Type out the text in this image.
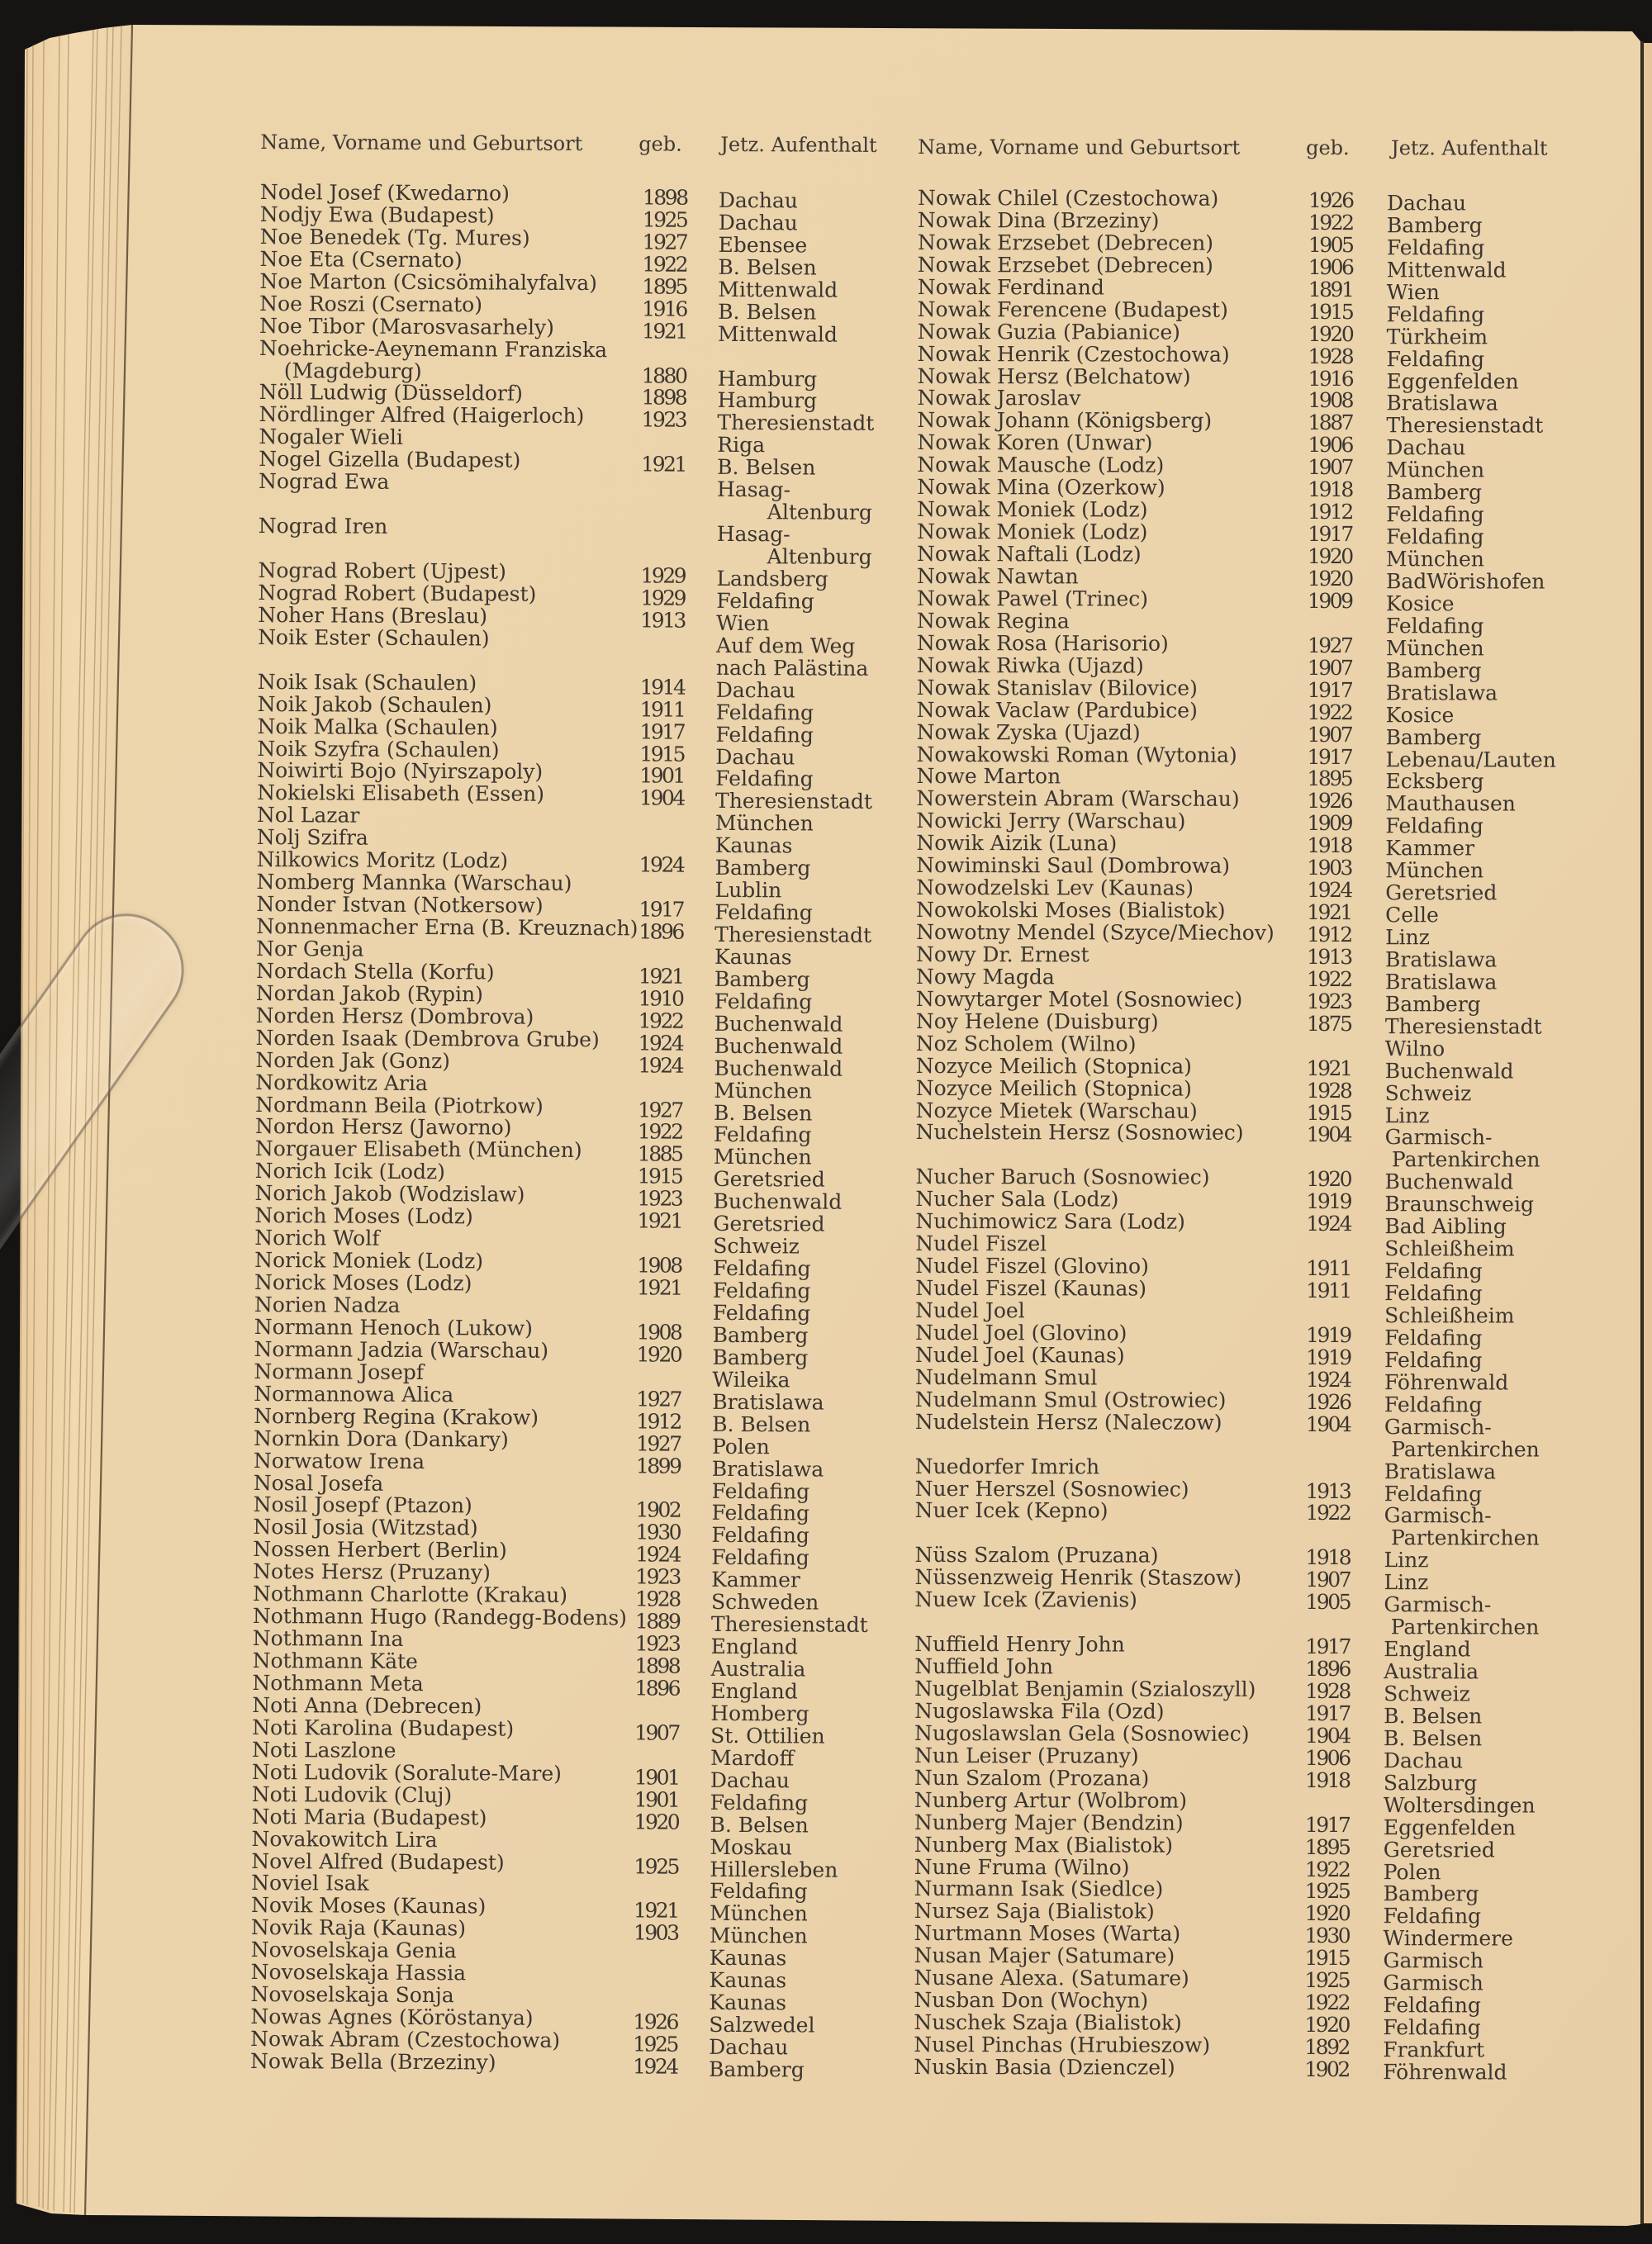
Name, Vorname und Geburtsort	geb. Jetz. Aufenthalt
Nodel Josef (Kwedarno)	1898 Dachau
Nodjy Ewa (Budapest)	1925 Dachau
Noe Benedek (Tg. Mures)	1927 Ebensee
Noe Eta (Csernato)	1922 B. Belsen
Noe Marton (Csicsömihalyfalva) 1895 Mittenwald
Noe Roszi (Csernato)	1916 B. Belsen
Noe Tibor (Marosvasarhely)	1921 Mittenwald
Noehricke-Aeynemann Franziska
(Magdeburg)	1880 Hamburg
Nöll Ludwig (Düsseldorf)	1898 Hamburg
Nördlinger Alfred (Haigerloch)	1923 Theresienstadt
Nogaler Wieli	Riga
Nogel Gizella (Budapest)	1921 B. Belsen
Nograd Ewa	Hasag-
Altenburg
Nograd Iren	Hasag-
Altenburg
Nograd Robert (Ujpest)	1929 Landsberg
Nograd Robert (Budapest)	1929 Feldafing
Noher Hans (Breslau)	1913 Wien
Noik Ester (Schaulen)	Auf dem Weg
nach Palästina
Noik Isak (Schaulen)	1914 Dachau
Noik Jakob (Schaulen)	1911 Feldafing
Noik Malka (Schaulen)	1917 Feldafing
Noik Szyfra (Schaulen)	1915 Dachau
Noiwirti Bojo (Nyirszapoly)	1901 Feldafing
Nokielski Elisabeth (Essen)	1904 Theresienstadt
Nol Lazar	München
Nolj Szifra	Kaunas
Nilkowics Moritz (Lodz)	1924 Bamberg
Nomberg Mannka (Warschau)	Lublin
Nonder Istvan (Notkersow)	1917 Feldafing
Nonnenmacher Erna (B. Kreuznach) 1896 Theresienstadt
Nor Genja	Kaunas
Nordach Stella (Korfu)	1921 Bamberg
Nordan Jakob (Rypin)	1910 Feldafing
Norden Hersz (Dombrova)	1922 Buchenwald
Norden Isaak (Dembrova Grube) 1924 Buchenwald
Norden Jak (Gonz)	1924 Buchenwald
Nordkowitz Aria	München
Nordmann Beila (Piotrkow)	1927 B. Belsen
Nordon Hersz (Jaworno)	1922 Feldafing
Norgauer Elisabeth (München)	1885 München
Norich Icik (Lodz)	1915 Geretsried
Norich Jakob (Wodzislaw)	1923 Buchenwald
Norich Moses (Lodz)	1921 Geretsried
Norich Wolf	Schweiz
Norick Moniek (Lodz)	1908 Feldafing
Norick Moses (Lodz)	1921 Feldafing
Norien Nadza	Feldafing
Normann Henoch (Lukow)	1908 Bamberg
Normann Jadzia (Warschau)	1920 Bamberg
Normann Josepf	Wileika
Normannowa Alica	1927 Bratislawa
Nornberg Regina (Krakow)	1912 B. Belsen
Nornkin Dora (Dankary)	1927 Polen
Norwatow Irena	1899 Bratislawa
Nosal Josefa	Feldafing
Nosil Josepf (Ptazon)	1902 Feldafing
Nosil Josia (Witzstad)	1930 Feldafing
Nossen Herbert (Berlin)	1924 Feldafing
Notes Hersz (Pruzany)	1923 Kammer
Nothmann Charlotte (Krakau)	1928 Schweden
Nothmann Hugo (Randegg-Bodens) 1889 Theresienstadt
Nothmann Ina	1923 England
Nothmann Käte	1898 Australia
Nothmann Meta	1896 England
Noti Anna (Debrecen)	Homberg
Noti Karolina (Budapest)	1907 St. Ottilien
Noti Laszlone	Mardoff
Noti Ludovik (Soralute-Mare)	1901 Dachau
Noti Ludovik (Cluj)	1901 Feldafing
Noti Maria (Budapest)	1920 B. Belsen
Novakowitch Lira	Moskau
Novel Alfred (Budapest)	1925 Hillersleben
Noviel Isak	Feldafing
Novik Moses (Kaunas)	1921 München
Novik Raja (Kaunas)	1903 München
Novoselskaja Genia	Kaunas
Novoselskaja Hassia	Kaunas
Novoselskaja Sonja	Kaunas
Nowas Agnes (Köröstanya)	1926 Salzwedel
Nowak Abram (Czestochowa)	1925 Dachau
Nowak Bella (Brzeziny)	1924 Bamberg
Name, Vorname und Geburtsort	geb. Jetz. Aufenthalt
Nowak Chilel (Czestochowa)	1926 Dachau
Nowak Dina (Brzeziny)	1922 Bamberg
Nowak Erzsebet (Debrecen)	1905 Feldafing
Nowak Erzsebet (Debrecen)	1906 Mittenwald
Nowak Ferdinand	1891 Wien
Nowak Ferencene (Budapest)	1915 Feldafing
Nowak Guzia (Pabianice)	1920 Türkheim
Nowak Henrik (Czestochowa)	1928 Feldafing
Nowak Hersz (Belchatow)	1916 Eggenfelden
Nowak Jaroslav	1908 Bratislawa
Nowak Johann (Königsberg)	1887 Theresienstadt
Nowak Koren (Unwar)	1906 Dachau
Nowak Mausche (Lodz)	1907 München
Nowak Mina (Ozerkow)	1918 Bamberg
Nowak Moniek (Lodz)	1912 Feldafing
Nowak Moniek (Lodz)	1917 Feldafing
Nowak Naftali (Lodz)	1920 München
Nowak Nawtan	1920 BadWörishofen
Nowak Pawel (Trinec)	1909 Kosice
Nowak Regina	Feldafing
Nowak Rosa (Harisorio)	1927 München
Nowak Riwka (Ujazd)	1907 Bamberg
Nowak Stanislav (Bilovice)	1917 Bratislawa
Nowak Vaclaw (Pardubice)	1922 Kosice
Nowak Zyska (Ujazd)	1907 Bamberg
Nowakowski Roman (Wytonia)	1917 Lebenau/Lauten
Nowe Marton	1895 Ecksberg
Nowerstein Abram (Warschau)	1926 Mauthausen
Nowicki Jerry (Warschau)	1909 Feldafing
Nowik Aizik (Luna)	1918 Kammer
Nowiminski Saul (Dombrowa)	1903 München
Nowodzelski Lev (Kaunas)	1924 Geretsried
Nowokolski Moses (Bialistok)	1921 Celle
Nowotny Mendel (Szyce/Miechov) 1912 Linz
Nowy Dr. Ernest	1913 Bratislawa
Nowy Magda	1922 Bratislawa
Nowytarger Motel (Sosnowiec)	1923 Bamberg
Noy Helene (Duisburg)	1875 Theresienstadt
Noz Scholem (Wilno)	Wilno
Nozyce Meilich (Stopnica)	1921 Buchenwald
Nozyce Meilich (Stopnica)	1928 Schweiz
Nozyce Mietek (Warschau)	1915 Linz
Nuchelstein Hersz (Sosnowiec)	1904 Garmisch-
Partenkirchen
Nucher Baruch (Sosnowiec)	1920 Buchenwald
Nucher Sala (Lodz)	1919 Braunschweig
Nuchimowicz Sara (Lodz)	1924 Bad Aibling
Nudel Fiszel	Schleißheim
Nudel Fiszel (Glovino)	1911 Feldafing
Nudel Fiszel (Kaunas)	1911 Feldafing
Nudel Joel	Schleißheim
Nudel Joel (Glovino)	1919 Feldafing
Nudel Joel (Kaunas)	1919 Feldafing
Nudelmann Smul	1924 Föhrenwald
Nudelmann Smul (Ostrowiec)	1926 Feldafing
Nudelstein Hersz (Naleczow)	1904 Garmisch-
Partenkirchen
Nuedorfer Imrich	Bratislawa
Nuer Herszel (Sosnowiec)	1913 Feldafing
Nuer Icek (Kepno)	1922 Garmisch-
Partenkirchen
Nüss Szalom (Pruzana)	1918 Linz
Nüssenzweig Henrik (Staszow)	1907 Linz
Nuew Icek (Zavienis)	1905 Garmisch-
Partenkirchen
Nuffield Henry John	1917 England
Nuffield John	1896 Australia
Nugelblat Benjamin (Szialoszyll) 1928 Schweiz
Nugoslawska Fila (Ozd)	1917 B. Belsen
Nugoslawslan Gela (Sosnowiec)	1904 B. Belsen
Nun Leiser (Pruzany)	1906 Dachau
Nun Szalom (Prozana)	1918 Salzburg
Nunberg Artur (Wolbrom)	Woltersdingen
Nunberg Majer (Bendzin)	1917 Eggenfelden
Nunberg Max (Bialistok)	1895 Geretsried
Nune Fruma (Wilno)	1922 Polen
Nurmann Isak (Siedlce)	1925 Bamberg
Nursez Saja (Bialistok)	1920 Feldafing
Nurtmann Moses (Warta)	1930 Windermere
Nusan Majer (Satumare)	1915 Garmisch
Nusane Alexa. (Satumare)	1925 Garmisch
Nusban Don (Wochyn)	1922 Feldafing
Nuschek Szaja (Bialistok)	1920 Feldafing
Nusel Pinchas (Hrubieszow)	1892 Frankfurt
Nuskin Basia (Dzienczel)	1902 Föhrenwald
